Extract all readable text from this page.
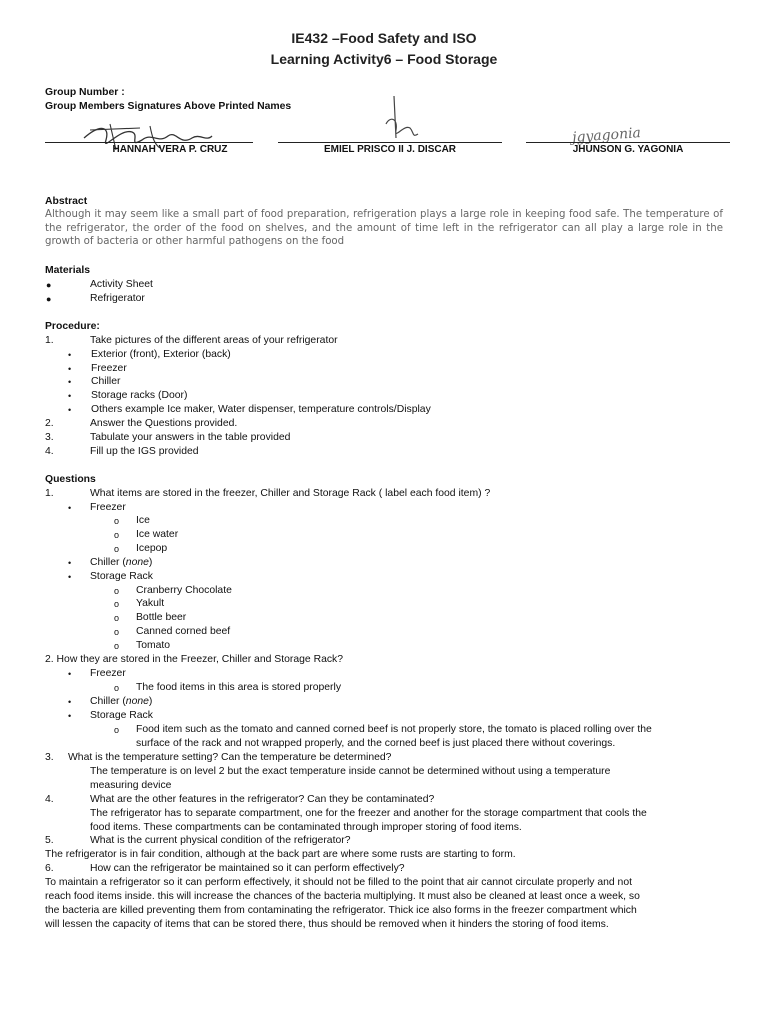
IE432 –Food Safety and ISO
Learning Activity6 – Food Storage
Group Number :
Group Members Signatures Above Printed Names
jgyagonia
HANNAH VERA P. CRUZ	EMIEL PRISCO II J. DISCAR	JHUNSON G. YAGONIA
Abstract
Although it may seem like a small part of food preparation, refrigeration plays a large role in keeping food safe. The temperature of the refrigerator, the order of the food on shelves, and the amount of time left in the refrigerator can all play a large role in the growth of bacteria or other harmful pathogens on the food
Materials
●	Activity Sheet
●	Refrigerator
Procedure:
1.	Take pictures of the different areas of your refrigerator
• Exterior (front), Exterior (back)
• Freezer
• Chiller
• Storage racks (Door)
• Others example Ice maker, Water dispenser, temperature controls/Display
2.	Answer the Questions provided.
3.	Tabulate your answers in the table provided
4.	Fill up the IGS provided
Questions
1.	What items are stored in the freezer, Chiller and Storage Rack ( label each food item) ?
• Freezer
o Ice
o Ice water
o Icepop
• Chiller (none)
• Storage Rack
o Cranberry Chocolate
o Yakult
o Bottle beer
o Canned corned beef
o Tomato
2. How they are stored in the Freezer, Chiller and Storage Rack?
• Freezer
o The food items in this area is stored properly
• Chiller (none)
• Storage Rack
o Food item such as the tomato and canned corned beef is not properly store, the tomato is placed rolling over the
surface of the rack and not wrapped properly, and the corned beef is just placed there without coverings.
3. What is the temperature setting? Can the temperature be determined?
The temperature is on level 2 but the exact temperature inside cannot be determined without using a temperature
measuring device
4.	What are the other features in the refrigerator? Can they be contaminated?
The refrigerator has to separate compartment, one for the freezer and another for the storage compartment that cools the
food items. These compartments can be contaminated through improper storing of food items.
5.	What is the current physical condition of the refrigerator?
The refrigerator is in fair condition, although at the back part are where some rusts are starting to form.
6.	How can the refrigerator be maintained so it can perform effectively?
To maintain a refrigerator so it can perform effectively, it should not be filled to the point that air cannot circulate properly and not
reach food items inside. this will increase the chances of the bacteria multiplying. It must also be cleaned at least once a week, so
the bacteria are killed preventing them from contaminating the refrigerator. Thick ice also forms in the freezer compartment which
will lessen the capacity of items that can be stored there, thus should be removed when it hinders the storing of food items.
